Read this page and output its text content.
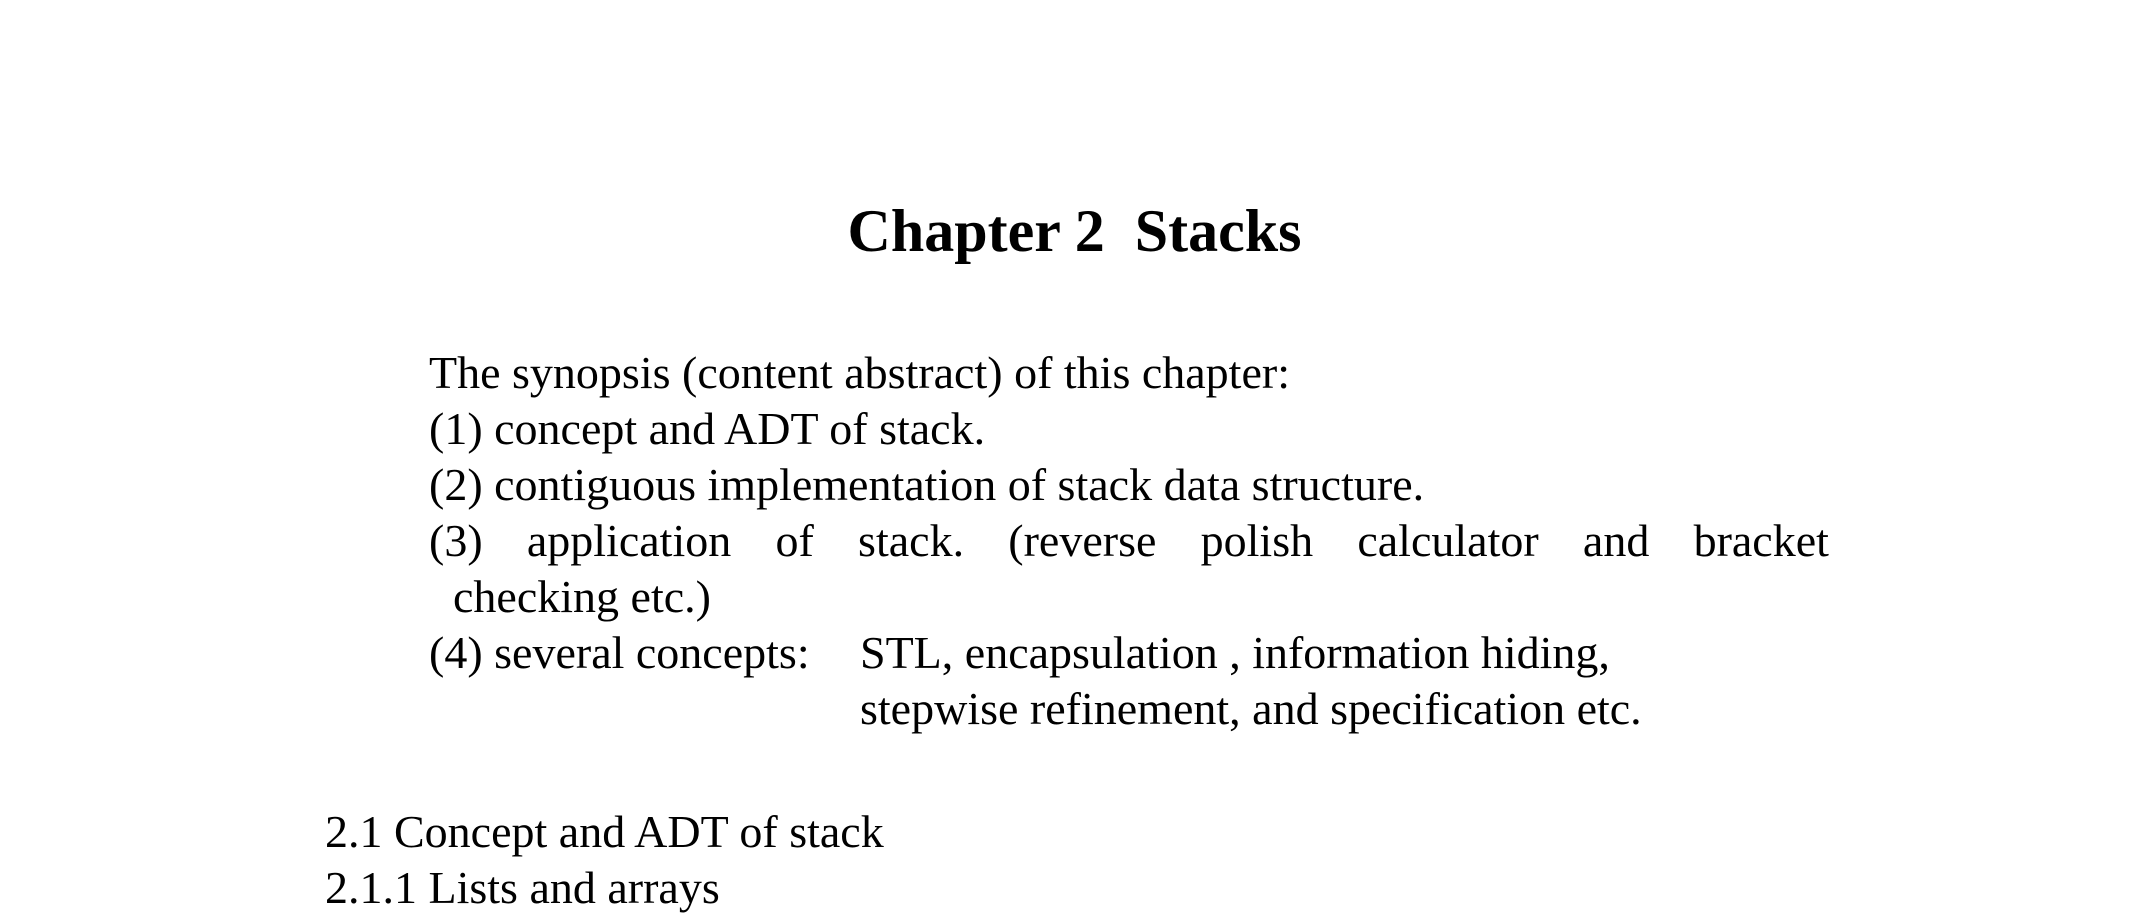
Chapter 2  Stacks
The synopsis (content abstract) of this chapter:
(1) concept and ADT of stack.
(2) contiguous implementation of stack data structure.
(3) application of stack. (reverse polish calculator and bracket
checking etc.)
(4) several concepts:	STL, encapsulation , information hiding,
stepwise refinement, and specification etc.
2.1 Concept and ADT of stack
2.1.1 Lists and arrays
